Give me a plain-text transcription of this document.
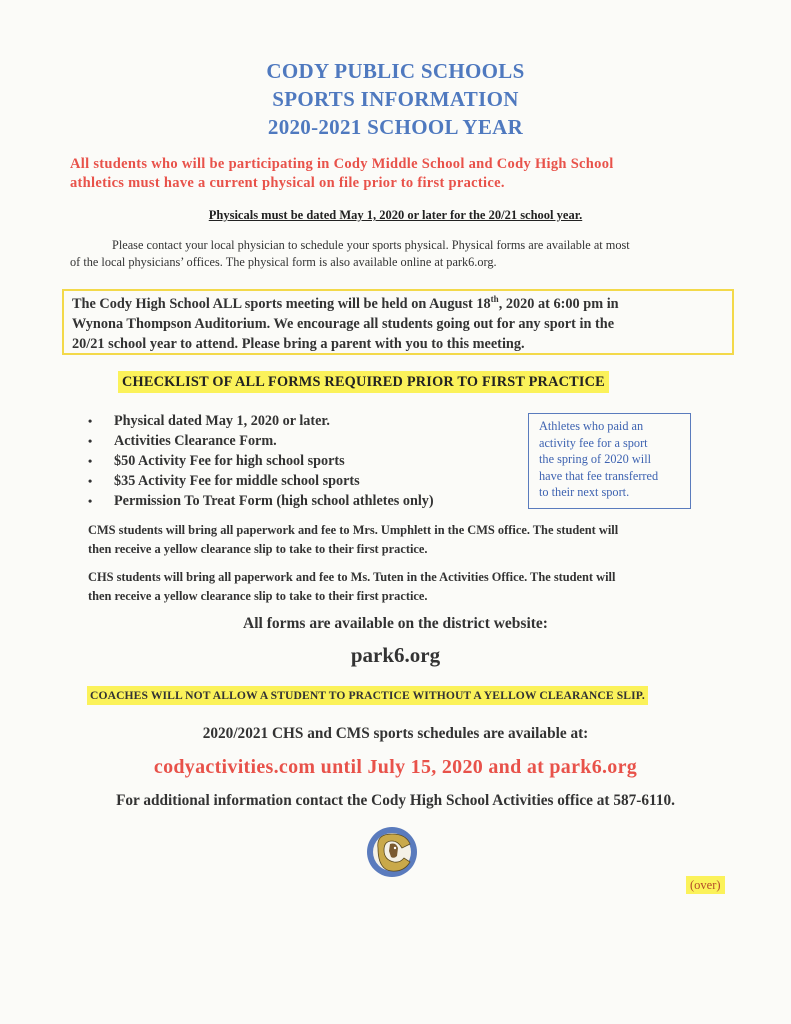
CODY PUBLIC SCHOOLS
SPORTS INFORMATION
2020-2021 SCHOOL YEAR
All students who will be participating in Cody Middle School and Cody High School
athletics must have a current physical on file prior to first practice.
Physicals must be dated May 1, 2020 or later for the 20/21 school year.
Please contact your local physician to schedule your sports physical. Physical forms are available at most
of the local physicians’ offices. The physical form is also available online at park6.org.
The Cody High School ALL sports meeting will be held on August 18th, 2020 at 6:00 pm in
Wynona Thompson Auditorium. We encourage all students going out for any sport in the
20/21 school year to attend. Please bring a parent with you to this meeting.
CHECKLIST OF ALL FORMS REQUIRED PRIOR TO FIRST PRACTICE
• Physical dated May 1, 2020 or later.
• Activities Clearance Form.
• $50 Activity Fee for high school sports
• $35 Activity Fee for middle school sports
• Permission To Treat Form (high school athletes only)
Athletes who paid an
activity fee for a sport
the spring of 2020 will
have that fee transferred
to their next sport.
CMS students will bring all paperwork and fee to Mrs. Umphlett in the CMS office. The student will
then receive a yellow clearance slip to take to their first practice.
CHS students will bring all paperwork and fee to Ms. Tuten in the Activities Office. The student will
then receive a yellow clearance slip to take to their first practice.
All forms are available on the district website:
park6.org
COACHES WILL NOT ALLOW A STUDENT TO PRACTICE WITHOUT A YELLOW CLEARANCE SLIP.
2020/2021 CHS and CMS sports schedules are available at:
codyactivities.com until July 15, 2020 and at park6.org
For additional information contact the Cody High School Activities office at 587-6110.
(over)
